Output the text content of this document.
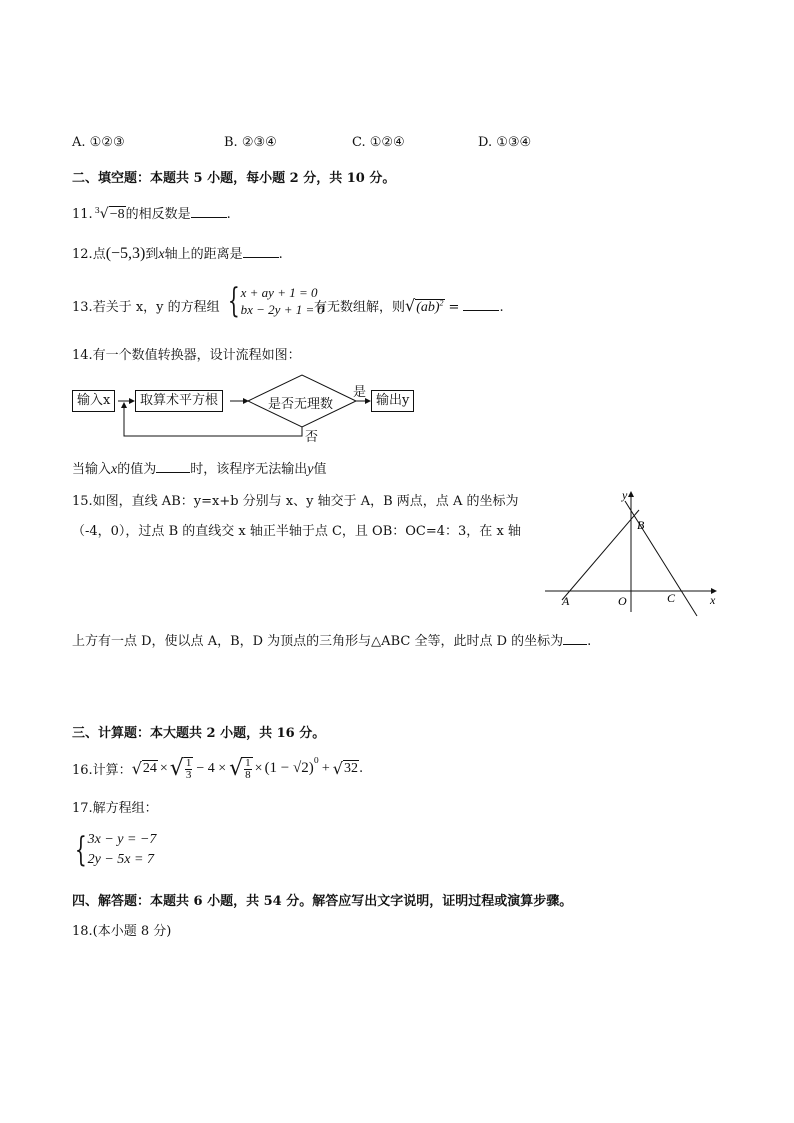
A. ①②③	B. ②③④	C. ①②④	D. ①③④
二、填空题：本题共 5 小题，每小题 2 分，共 10 分。
11. $^3$√−8的相反数是	.
12.点(−5,3)到x轴上的距离是	.
13.若关于 x，y 的方程组 { x + ay + 1 = 0
bx − 2y + 1 = 0
有无数组解，则√(ab)$^2$ =	.
14.有一个数值转换器，设计流程如图：
输入x	取算术平方根	是否无理数	输出y
是
否
当输入x的值为	时，该程序无法输出y值
15.如图，直线 AB：y=x+b 分别与 x、y 轴交于 A，B 两点，点 A 的坐标为
（-4，0），过点 B 的直线交 x 轴正半轴于点 C，且 OB：OC=4：3，在 x 轴
上方有一点 D，使以点 A，B，D 为顶点的三角形与△ABC 全等，此时点 D 的坐标为 .
y
B
A	O	C	x
三、计算题：本大题共 2 小题，共 16 分。
16.计算： √ 24 × √ $\frac{1}{3} - 4$ × √ $\frac{1}{8} \times (1 - √2)^0$ + √ 32 .
17.解方程组：
{ 3x − y = −7
2y − 5x = 7
四、解答题：本题共 6 小题，共 54 分。解答应写出文字说明，证明过程或演算步骤。
18.(本小题 8 分)
